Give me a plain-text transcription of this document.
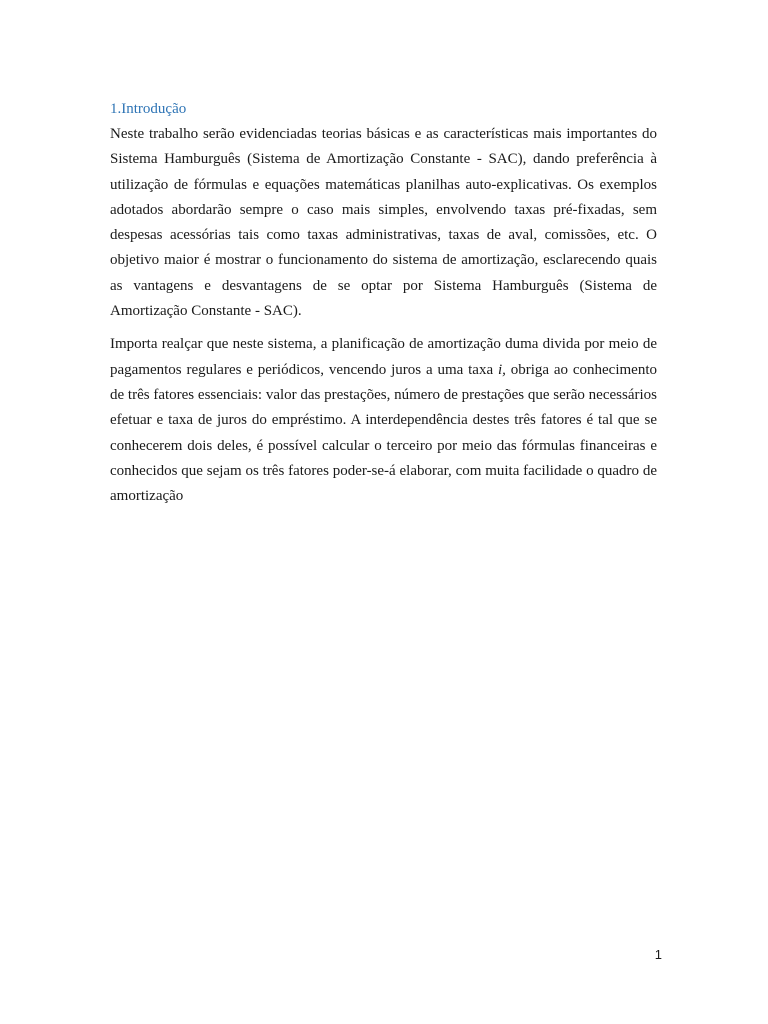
1.Introdução

Neste trabalho serão evidenciadas teorias básicas e as características mais importantes do Sistema Hamburguês (Sistema de Amortização Constante - SAC), dando preferência à utilização de fórmulas e equações matemáticas planilhas auto-explicativas. Os exemplos adotados abordarão sempre o caso mais simples, envolvendo taxas pré-fixadas, sem despesas acessórias tais como taxas administrativas, taxas de aval, comissões, etc. O objetivo maior é mostrar o funcionamento do sistema de amortização, esclarecendo quais as vantagens e desvantagens de se optar por Sistema Hamburguês (Sistema de Amortização Constante - SAC).

Importa realçar que neste sistema, a planificação de amortização duma divida por meio de pagamentos regulares e periódicos, vencendo juros a uma taxa i, obriga ao conhecimento de três fatores essenciais: valor das prestações, número de prestações que serão necessários efetuar e taxa de juros do empréstimo. A interdependência destes três fatores é tal que se conhecerem dois deles, é possível calcular o terceiro por meio das fórmulas financeiras e conhecidos que sejam os três fatores poder-se-á elaborar, com muita facilidade o quadro de amortização

1
